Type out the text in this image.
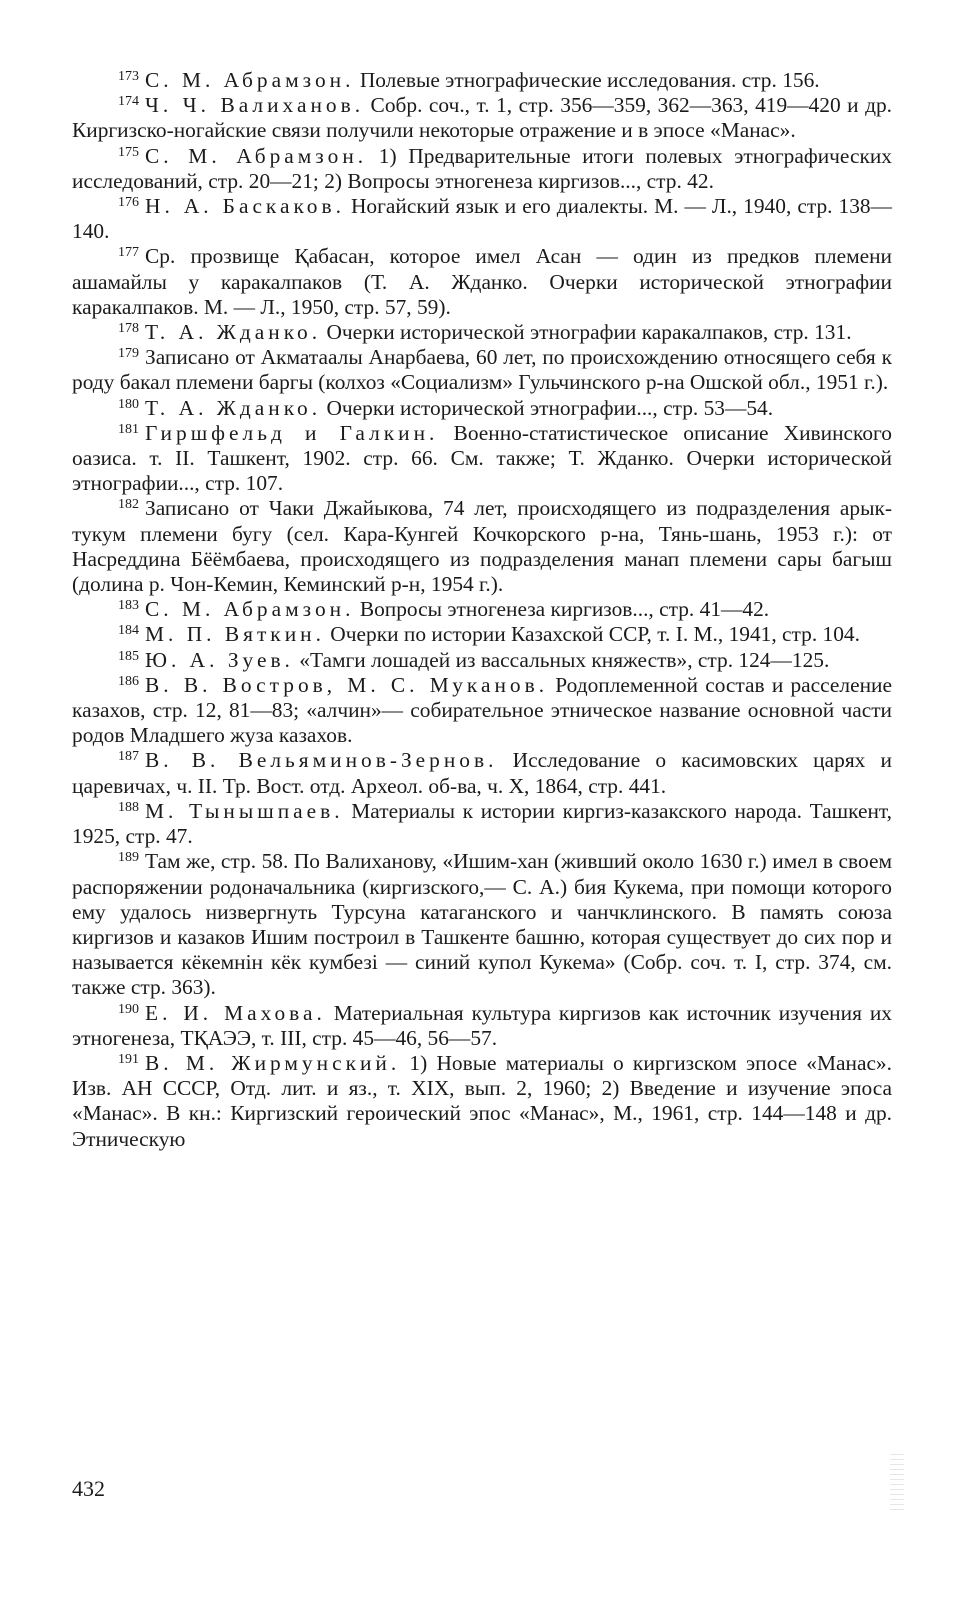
$^{173}$ С. М. Абрамзон. Полевые этнографические исследования. стр. 156.

$^{174}$ Ч. Ч. Валиханов. Собр. соч., т. 1, стр. 356—359, 362—363, 419—420 и др. Киргизско-ногайские связи получили некоторые отражение и в эпосе «Манас».

$^{175}$ С. М. Абрамзон. 1) Предварительные итоги полевых этнографических исследований, стр. 20—21; 2) Вопросы этногенеза киргизов..., стр. 42.

$^{176}$ Н. А. Баскаков. Ногайский язык и его диалекты. М. — Л., 1940, стр. 138—140.

$^{177}$ Ср. прозвище Қабасан, которое имел Асан — один из предков племени ашамайлы у каракалпаков (Т. А. Жданко. Очерки исторической этнографии каракалпаков. М. — Л., 1950, стр. 57, 59).

$^{178}$ Т. А. Жданко. Очерки исторической этнографии каракалпаков, стр. 131.

$^{179}$ Записано от Акматаалы Анарбаева, 60 лет, по происхождению относящего себя к роду бакал племени баргы (колхоз «Социализм» Гульчинского р-на Ошской обл., 1951 г.).

$^{180}$ Т. А. Жданко. Очерки исторической этнографии..., стр. 53—54.

$^{181}$ Гиршфельд и Галкин. Военно-статистическое описание Хивинского оазиса. т. II. Ташкент, 1902. стр. 66. См. также; Т. Жданко. Очерки исторической этнографии..., стр. 107.

$^{182}$ Записано от Чаки Джайыкова, 74 лет, происходящего из подразделения арык-тукум племени бугу (сел. Кара-Кунгей Кочкорского р-на, Тянь-шань, 1953 г.): от Насреддина Бёёмбаева, происходящего из подразделения манап племени сары багыш (долина р. Чон-Кемин, Кеминский р-н, 1954 г.).

$^{183}$ С. М. Абрамзон. Вопросы этногенеза киргизов..., стр. 41—42.

$^{184}$ М. П. Вяткин. Очерки по истории Казахской ССР, т. I. М., 1941, стр. 104.

$^{185}$ Ю. А. Зуев. «Тамги лошадей из вассальных княжеств», стр. 124—125.

$^{186}$ В. В. Востров, М. С. Муканов. Родоплеменной состав и расселение казахов, стр. 12, 81—83; «алчин»— собирательное этническое название основной части родов Младшего жуза казахов.

$^{187}$ В. В. Вельяминов-Зернов. Исследование о касимовских царях и царевичах, ч. II. Тр. Вост. отд. Археол. об-ва, ч. X, 1864, стр. 441.

$^{188}$ М. Тынышпаев. Материалы к истории киргиз-казакского народа. Ташкент, 1925, стр. 47.

$^{189}$ Там же, стр. 58. По Валиханову, «Ишим-хан (живший около 1630 г.) имел в своем распоряжении родоначальника (киргизского,— С. А.) бия Кукема, при помощи которого ему удалось низвергнуть Турсуна катаганского и чанчклинского. В память союза киргизов и казаков Ишим построил в Ташкенте башню, которая существует до сих пор и называется кёкемнін кёк кумбезі — синий купол Кукема» (Собр. соч. т. I, стр. 374, см. также стр. 363).

$^{190}$ Е. И. Махова. Материальная культура киргизов как источник изучения их этногенеза, ТҚАЭЭ, т. III, стр. 45—46, 56—57.

$^{191}$ В. М. Жирмунский. 1) Новые материалы о киргизском эпосе «Манас». Изв. АН СССР, Отд. лит. и яз., т. XIX, вып. 2, 1960; 2) Введение и изучение эпоса «Манас». В кн.: Киргизский героический эпос «Манас», М., 1961, стр. 144—148 и др. Этническую

432
